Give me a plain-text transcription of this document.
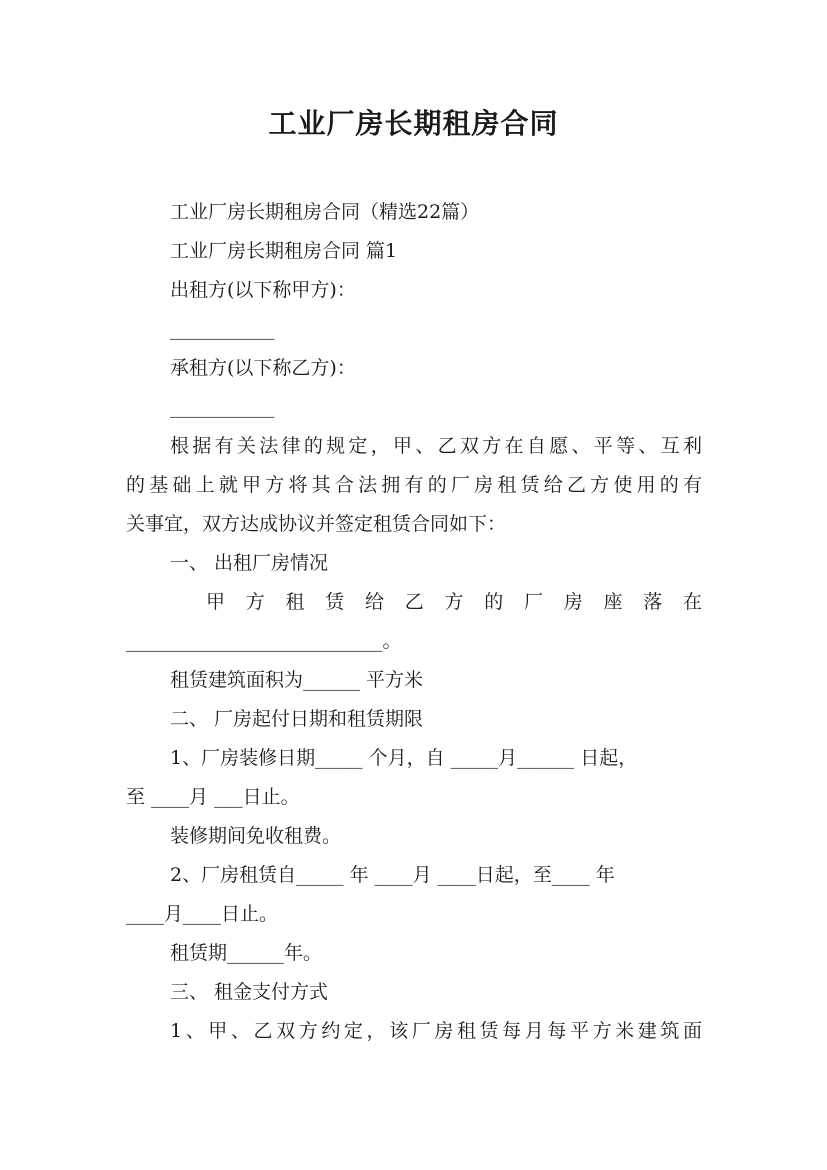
工业厂房长期租房合同
工业厂房长期租房合同（精选22篇）
工业厂房长期租房合同 篇1
出租方(以下称甲方)：
___________
承租方(以下称乙方)：
___________
根据有关法律的规定，甲、乙双方在自愿、平等、互利
的基础上就甲方将其合法拥有的厂房租赁给乙方使用的有
关事宜，双方达成协议并签定租赁合同如下：
一、 出租厂房情况
甲方租赁给乙方的厂房座落在
___________________________。
租赁建筑面积为______ 平方米
二、 厂房起付日期和租赁期限
1、厂房装修日期_____ 个月，自 _____月______ 日起，
至 ____月 ___日止。
装修期间免收租费。
2、厂房租赁自_____ 年 ____月 ____日起，至____ 年
____月____日止。
租赁期______年。
三、 租金支付方式
1、甲、乙双方约定，该厂房租赁每月每平方米建筑面
